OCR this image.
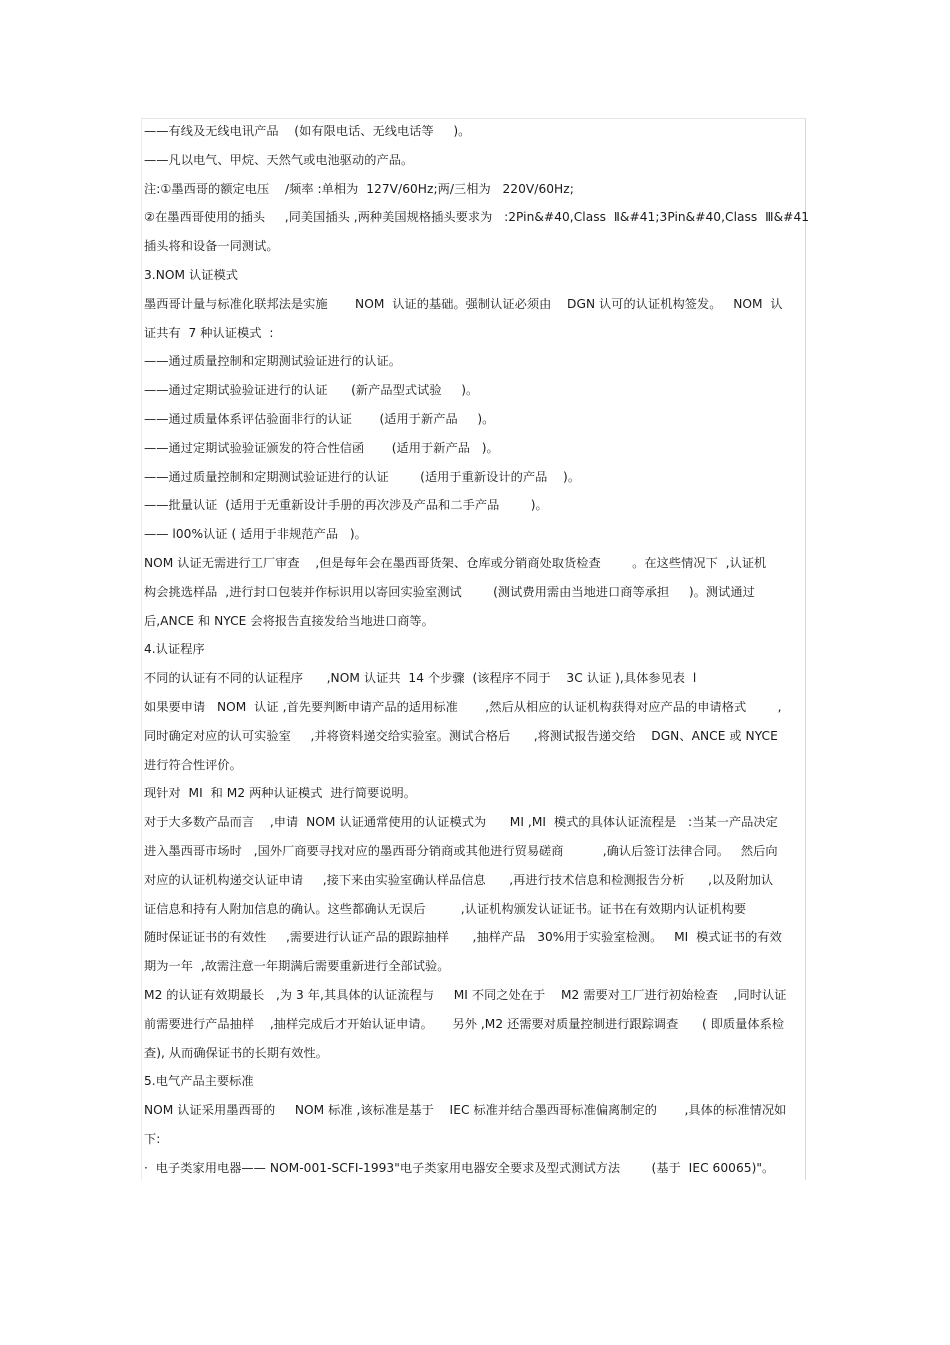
——有线及无线电讯产品    (如有限电话、无线电话等     )。
——凡以电气、甲烷、天然气或电池驱动的产品。
注:①墨西哥的额定电压    /频率 :单相为  127V/60Hz;两/三相为   220V/60Hz;
②在墨西哥使用的插头     ,同美国插头 ,两种美国规格插头要求为   :2Pin&#40,Class  Ⅱ&#41;3Pin&#40,Class  Ⅲ&#41
插头将和设备一同测试。
3.NOM 认证模式
墨西哥计量与标准化联邦法是实施       NOM  认证的基础。强制认证必须由    DGN 认可的认证机构签发。   NOM  认
证共有  7 种认证模式  :
——通过质量控制和定期测试验证进行的认证。
——通过定期试验验证进行的认证      (新产品型式试验     )。
——通过质量体系评估验面非行的认证       (适用于新产品     )。
——通过定期试验验证颁发的符合性信函       (适用于新产品   )。
——通过质量控制和定期测试验证进行的认证        (适用于重新设计的产品    )。
——批量认证  (适用于无重新设计手册的再次涉及产品和二手产品        )。
—— l00%认证 ( 适用于非规范产品   )。
NOM 认证无需进行工厂审查    ,但是每年会在墨西哥货架、仓库或分销商处取货检查        。在这些情况下  ,认证机
构会挑选样品  ,进行封口包装并作标识用以寄回实验室测试        (测试费用需由当地进口商等承担     )。测试通过
后,ANCE 和 NYCE 会将报告直接发给当地进口商等。
4.认证程序
不同的认证有不同的认证程序      ,NOM 认证共  14 个步骤  (该程序不同于    3C 认证 ),具体参见表  l
如果要申请   NOM  认证 ,首先要判断申请产品的适用标准       ,然后从相应的认证机构获得对应产品的申请格式        ,
同时确定对应的认可实验室     ,并将资料递交给实验室。测试合格后      ,将测试报告递交给    DGN、ANCE 或 NYCE
进行符合性评价。
现针对  MI  和 M2 两种认证模式  进行简要说明。
对于大多数产品而言    ,申请  NOM 认证通常使用的认证模式为      MI ,MI  模式的具体认证流程是   :当某一产品决定
进入墨西哥市场时   ,国外厂商要寻找对应的墨西哥分销商或其他进行贸易磋商          ,确认后签订法律合同。   然后向
对应的认证机构递交认证申请     ,接下来由实验室确认样品信息      ,再进行技术信息和检测报告分析      ,以及附加认
证信息和持有人附加信息的确认。这些都确认无误后         ,认证机构颁发认证证书。证书在有效期内认证机构要
随时保证证书的有效性     ,需要进行认证产品的跟踪抽样      ,抽样产品   30%用于实验室检测。   MI  模式证书的有效
期为一年  ,故需注意一年期满后需要重新进行全部试验。
M2 的认证有效期最长   ,为 3 年,其具体的认证流程与     MI 不同之处在于    M2 需要对工厂进行初始检查    ,同时认证
前需要进行产品抽样    ,抽样完成后才开始认证申请。     另外 ,M2 还需要对质量控制进行跟踪调查      ( 即质量体系检
查), 从而确保证书的长期有效性。
5.电气产品主要标准
NOM 认证采用墨西哥的     NOM 标准 ,该标准是基于    IEC 标准并结合墨西哥标准偏离制定的       ,具体的标准情况如
下:
·  电子类家用电器—— NOM-001-SCFI-1993"电子类家用电器安全要求及型式测试方法        (基于  IEC 60065)"。
